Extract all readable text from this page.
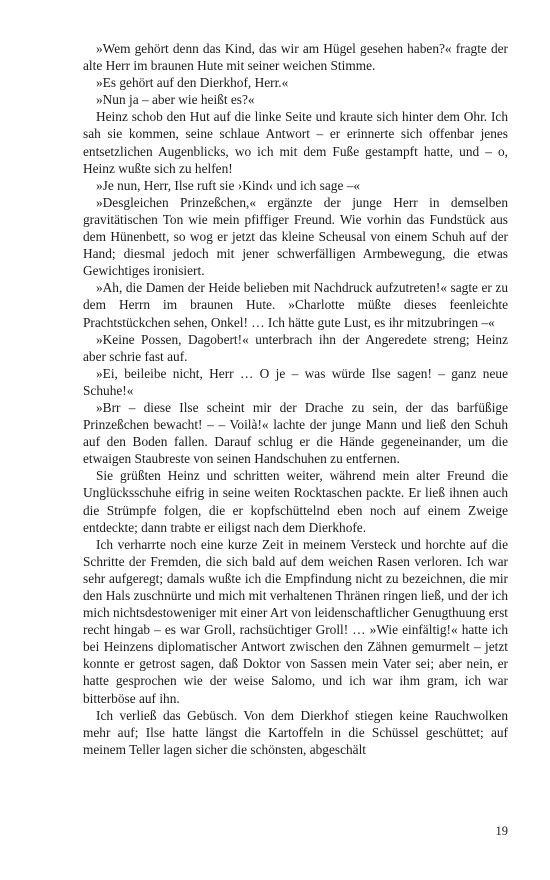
»Wem gehört denn das Kind, das wir am Hügel gesehen haben?« fragte der alte Herr im braunen Hute mit seiner weichen Stimme.

»Es gehört auf den Dierkhof, Herr.«

»Nun ja – aber wie heißt es?«

Heinz schob den Hut auf die linke Seite und kraute sich hinter dem Ohr. Ich sah sie kommen, seine schlaue Antwort – er erinnerte sich offenbar jenes entsetzlichen Augenblicks, wo ich mit dem Fuße gestampft hatte, und – o, Heinz wußte sich zu helfen!

»Je nun, Herr, Ilse ruft sie ›Kind‹ und ich sage –«

»Desgleichen Prinzeßchen,« ergänzte der junge Herr in demselben gravitätischen Ton wie mein pfiffiger Freund. Wie vorhin das Fundstück aus dem Hünenbett, so wog er jetzt das kleine Scheusal von einem Schuh auf der Hand; diesmal jedoch mit jener schwerfälligen Armbewegung, die etwas Gewichtiges ironisiert.

»Ah, die Damen der Heide belieben mit Nachdruck aufzutreten!« sagte er zu dem Herrn im braunen Hute. »Charlotte müßte dieses feenleichte Prachtstückchen sehen, Onkel! … Ich hätte gute Lust, es ihr mitzubringen –«

»Keine Possen, Dagobert!« unterbrach ihn der Angeredete streng; Heinz aber schrie fast auf.

»Ei, beileibe nicht, Herr … O je – was würde Ilse sagen! – ganz neue Schuhe!«

»Brr – diese Ilse scheint mir der Drache zu sein, der das barfüßige Prinzeßchen bewacht! – – Voilà!« lachte der junge Mann und ließ den Schuh auf den Boden fallen. Darauf schlug er die Hände gegeneinander, um die etwaigen Staubreste von seinen Handschuhen zu entfernen.

Sie grüßten Heinz und schritten weiter, während mein alter Freund die Unglücksschuhe eifrig in seine weiten Rocktaschen packte. Er ließ ihnen auch die Strümpfe folgen, die er kopfschüttelnd eben noch auf einem Zweige entdeckte; dann trabte er eiligst nach dem Dierkhofe.

Ich verharrte noch eine kurze Zeit in meinem Versteck und horchte auf die Schritte der Fremden, die sich bald auf dem weichen Rasen verloren. Ich war sehr aufgeregt; damals wußte ich die Empfindung nicht zu bezeichnen, die mir den Hals zuschnürte und mich mit verhaltenen Thränen ringen ließ, und der ich mich nichtsdestoweniger mit einer Art von leidenschaftlicher Genugthuung erst recht hingab – es war Groll, rachsüchtiger Groll! … »Wie einfältig!« hatte ich bei Heinzens diplomatischer Antwort zwischen den Zähnen gemurmelt – jetzt konnte er getrost sagen, daß Doktor von Sassen mein Vater sei; aber nein, er hatte gesprochen wie der weise Salomo, und ich war ihm gram, ich war bitterböse auf ihn.

Ich verließ das Gebüsch. Von dem Dierkhof stiegen keine Rauchwolken mehr auf; Ilse hatte längst die Kartoffeln in die Schüssel geschüttet; auf meinem Teller lagen sicher die schönsten, abgeschält

19
